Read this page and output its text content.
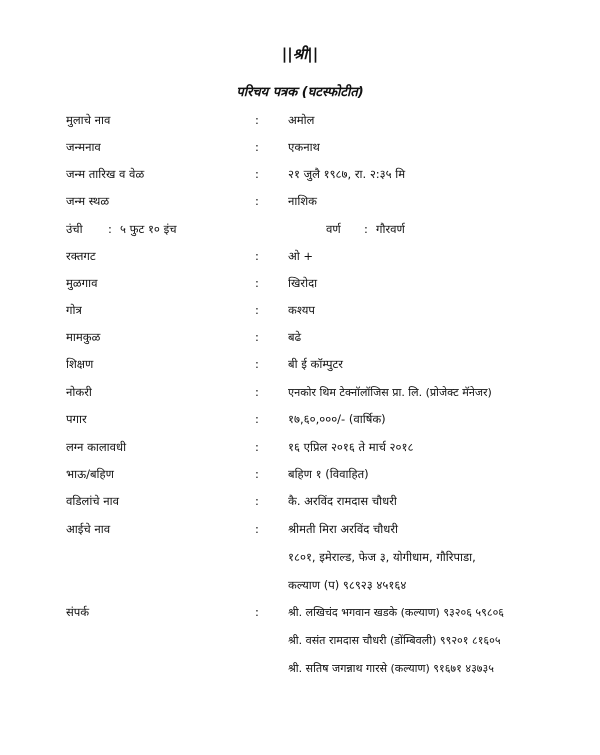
||श्री||
परिचय पत्रक (घटस्फोटीत)
मुलाचे नाव	:	अमोल
जन्मनाव	:	एकनाथ
जन्म तारिख व वेळ	:	२१ जुलै १९८७, रा. २:३५ मि
जन्म स्थळ	:	नाशिक
उंची : ५ फुट १० इंच	वर्ण : गौरवर्ण
रक्तगट	:	ओ +
मुळगाव	:	खिरोदा
गोत्र	:	कश्यप
मामकुळ	:	बढे
शिक्षण	:	बी ई कॉम्पुटर
नोकरी	:	एनकोर थिम टेक्नॉलॉजिस प्रा. लि. (प्रोजेक्ट मॅनेजर)
पगार	:	१७,६०,०००/- (वार्षिक)
लग्न कालावधी	:	१६ एप्रिल २०१६ ते मार्च २०१८
भाऊ/बहिण	:	बहिण १ (विवाहित)
वडिलांचे नाव	:	कै. अरविंद रामदास चौधरी
आईचे नाव	:	श्रीमती मिरा अरविंद चौधरी
१८०१, इमेराल्ड, फेज ३, योगीधाम, गौरिपाडा,
कल्याण (प) ९८९२३ ४५१६४
संपर्क	:	श्री. लखिचंद भगवान खडके (कल्याण) ९३२०६ ५९८०६
श्री. वसंत रामदास चौधरी (डोंम्बिवली) ९९२०१ ८१६०५
श्री. सतिष जगन्नाथ गारसे (कल्याण) ९१६७१ ४३७३५
